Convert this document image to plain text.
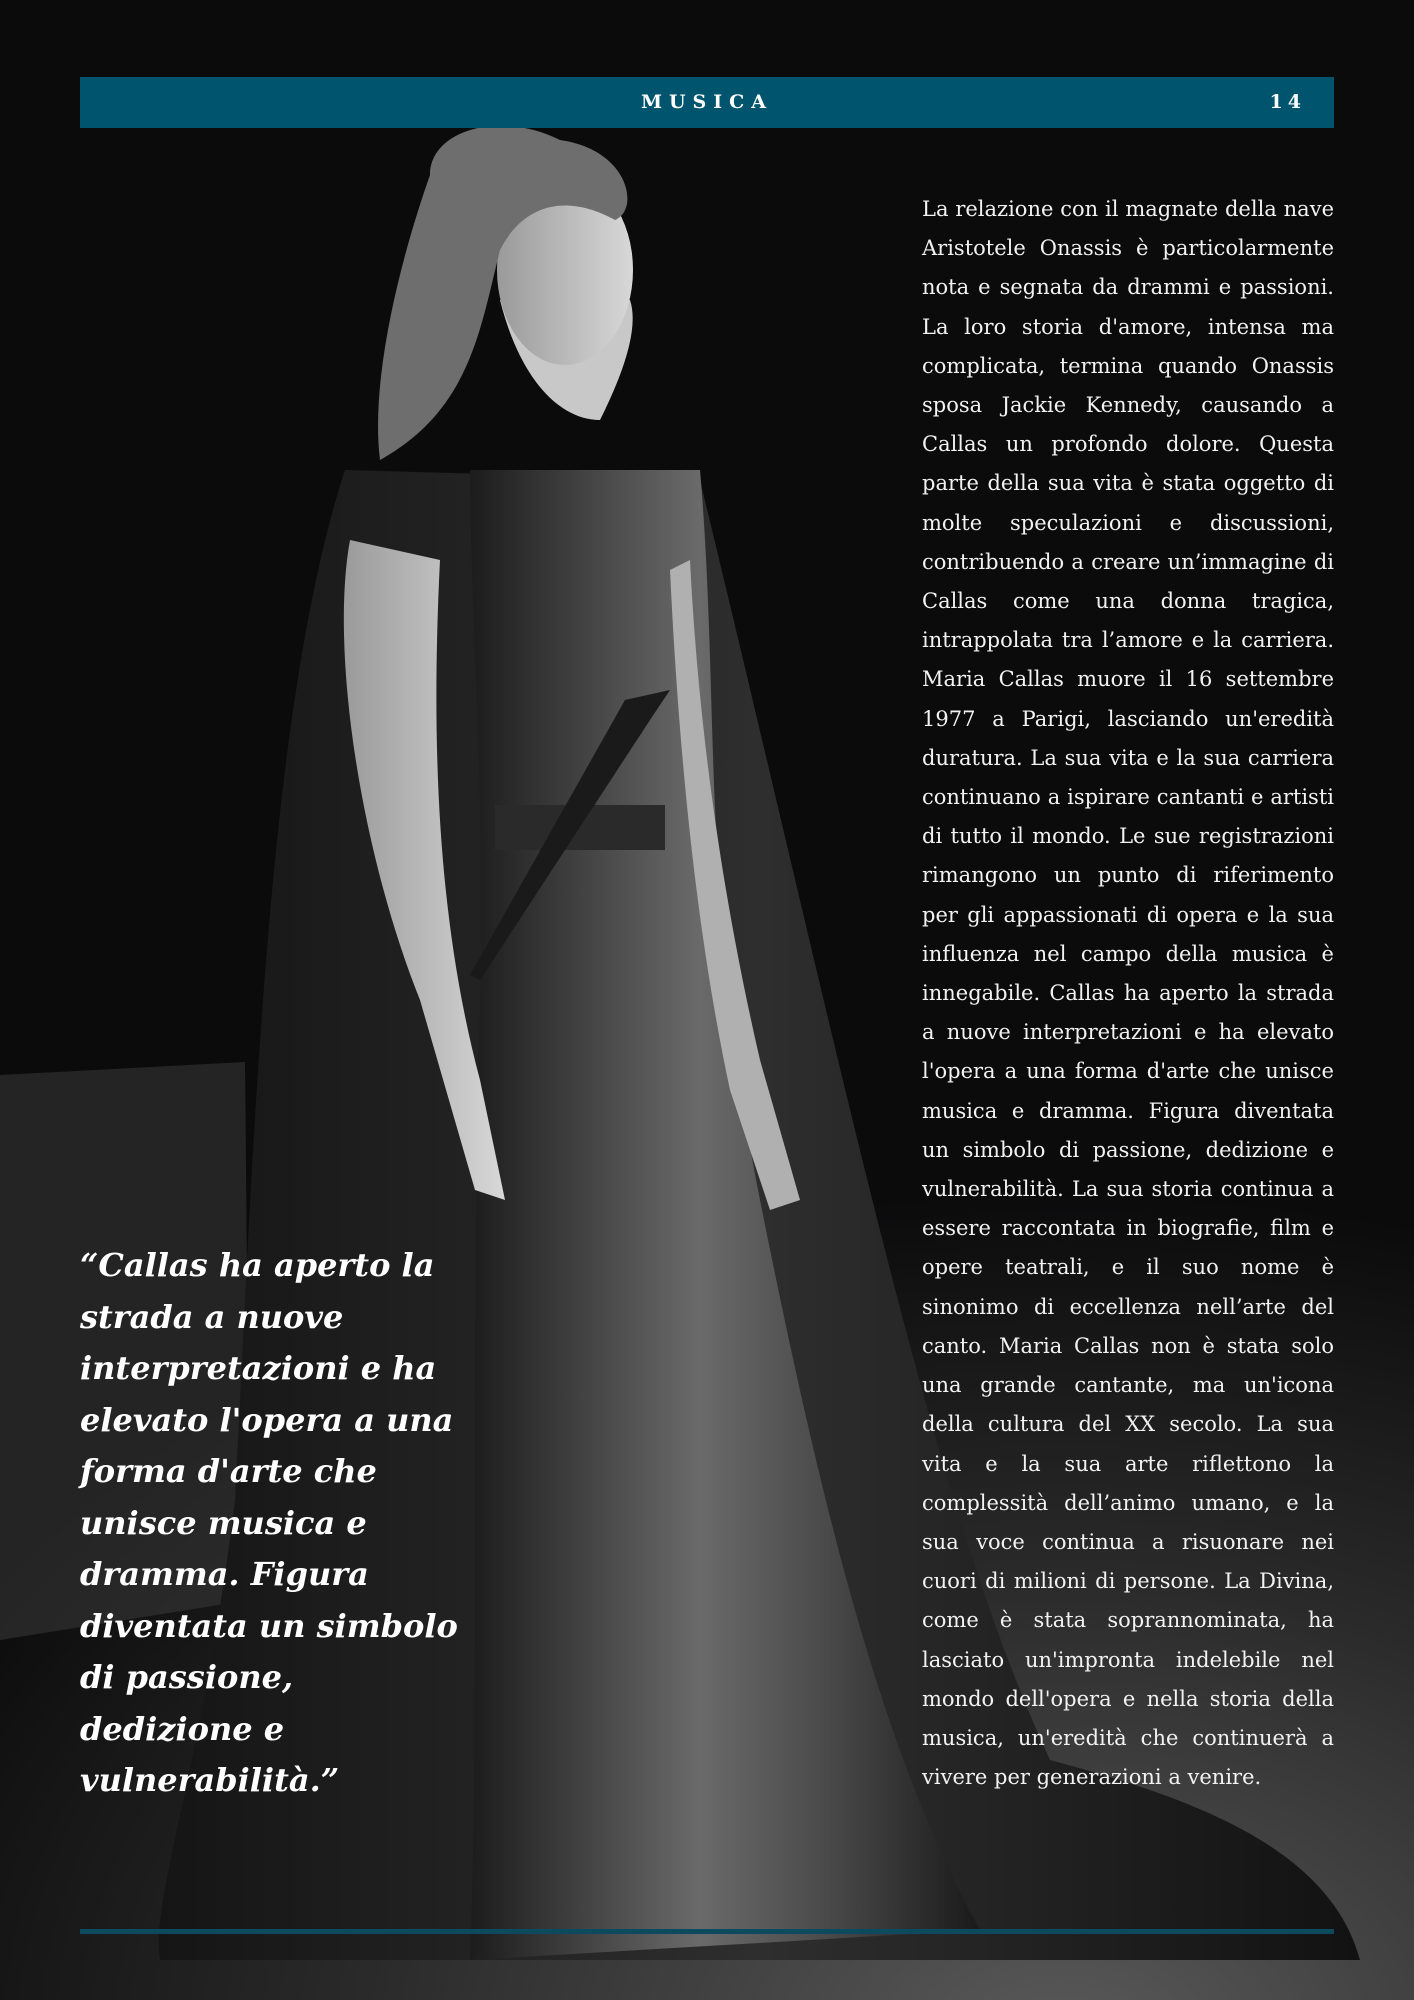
MUSICA	14
La relazione con il magnate della nave Aristotele Onassis è particolarmente nota e segnata da drammi e passioni. La loro storia d'amore, intensa ma complicata, termina quando Onassis sposa Jackie Kennedy, causando a Callas un profondo dolore. Questa parte della sua vita è stata oggetto di molte speculazioni e discussioni, contribuendo a creare un’immagine di Callas come una donna tragica, intrappolata tra l’amore e la carriera. Maria Callas muore il 16 settembre 1977 a Parigi, lasciando un'eredità duratura. La sua vita e la sua carriera continuano a ispirare cantanti e artisti di tutto il mondo. Le sue registrazioni rimangono un punto di riferimento per gli appassionati di opera e la sua influenza nel campo della musica è innegabile. Callas ha aperto la strada a nuove interpretazioni e ha elevato l'opera a una forma d'arte che unisce musica e dramma. Figura diventata un simbolo di passione, dedizione e vulnerabilità. La sua storia continua a essere raccontata in biografie, film e opere teatrali, e il suo nome è sinonimo di eccellenza nell’arte del canto. Maria Callas non è stata solo una grande cantante, ma un'icona della cultura del XX secolo. La sua vita e la sua arte riflettono la complessità dell’animo umano, e la sua voce continua a risuonare nei cuori di milioni di persone. La Divina, come è stata soprannominata, ha lasciato un'impronta indelebile nel mondo dell'opera e nella storia della musica, un'eredità che continuerà a vivere per generazioni a venire.
“Callas ha aperto la strada a nuove interpretazioni e ha elevato l'opera a una forma d'arte che unisce musica e dramma. Figura diventata un simbolo di passione, dedizione e vulnerabilità.”
